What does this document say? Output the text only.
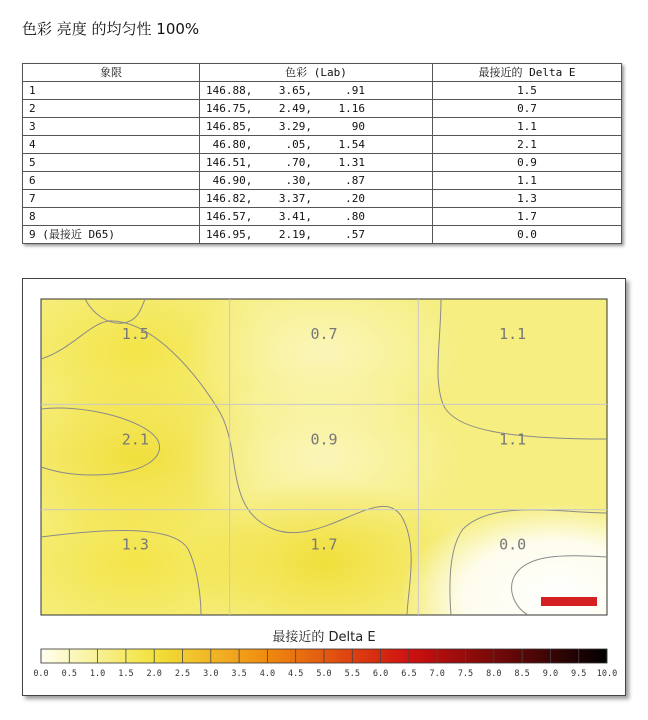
色彩 亮度 的均匀性 100%
象限	色彩 (Lab)	最接近的 Delta E
1	146.88,    3.65,     .91	1.5
2	146.75,    2.49,    1.16	0.7
3	146.85,    3.29,      90	1.1
4	46.80,     .05,    1.54	2.1
5	146.51,     .70,    1.31	0.9
6	46.90,     .30,     .87	1.1
7	146.82,    3.37,     .20	1.3
8	146.57,    3.41,     .80	1.7
9 (最接近 D65)	146.95,    2.19,     .57	0.0
1.5	0.7	1.1
2.1	0.9	1.1
1.3	1.7	0.0
最接近的 Delta E
0.0 0.5 1.0 1.5 2.0 2.5 3.0 3.5 4.0 4.5 5.0 5.5 6.0 6.5 7.0 7.5 8.0 8.5 9.0 9.5 10.0
